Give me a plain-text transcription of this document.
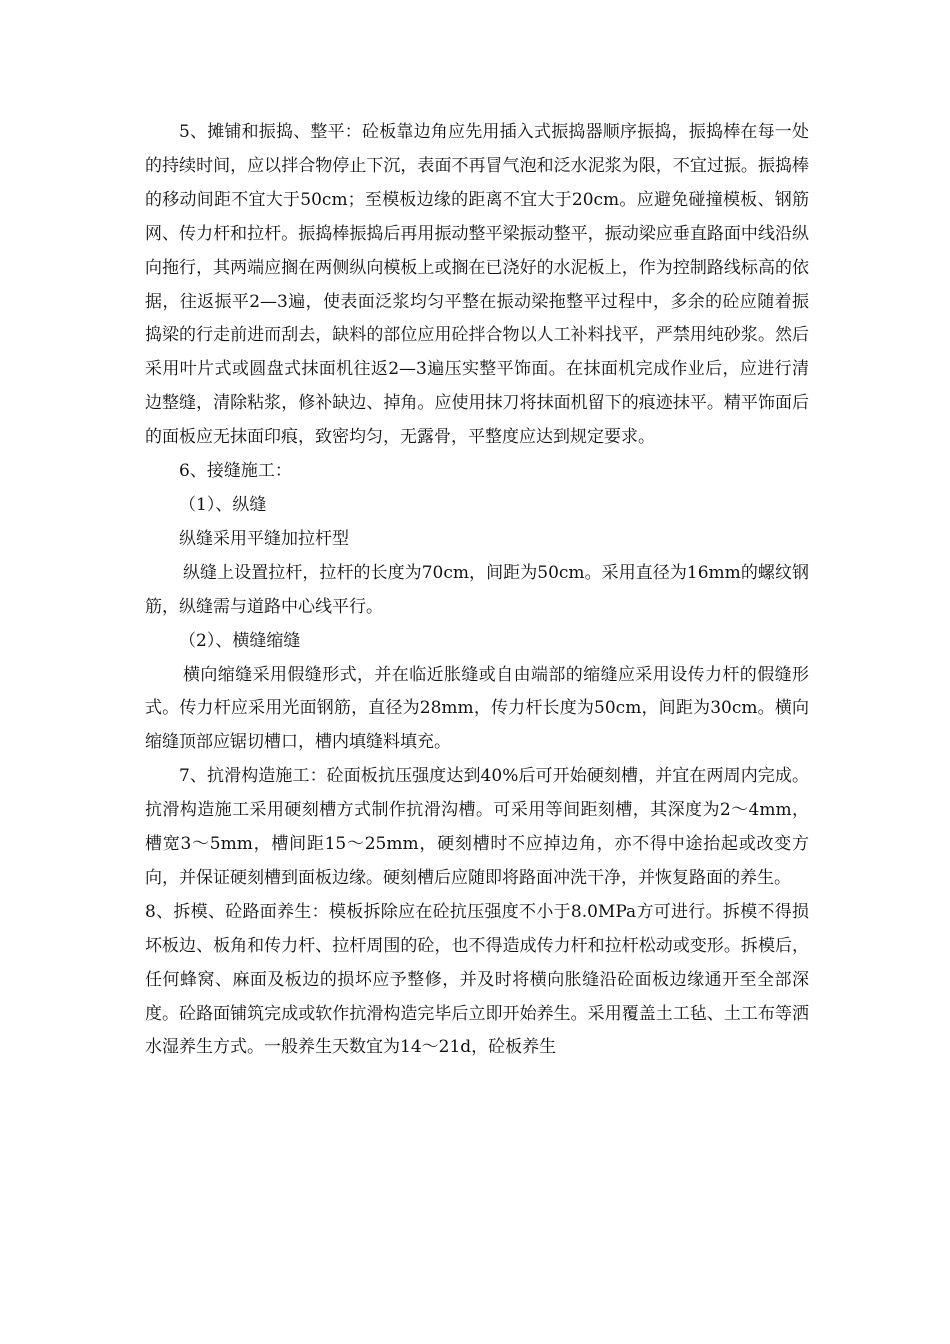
5、摊铺和振捣、整平：砼板靠边角应先用插入式振捣器顺序振捣，振捣棒在每一处的持续时间，应以拌合物停止下沉，表面不再冒气泡和泛水泥浆为限，不宜过振。振捣棒的移动间距不宜大于50cm；至模板边缘的距离不宜大于20cm。应避免碰撞模板、钢筋网、传力杆和拉杆。振捣棒振捣后再用振动整平梁振动整平，振动梁应垂直路面中线沿纵向拖行，其两端应搁在两侧纵向模板上或搁在已浇好的水泥板上，作为控制路线标高的依据，往返振平2—3遍，使表面泛浆均匀平整在振动梁拖整平过程中，多余的砼应随着振捣梁的行走前进而刮去，缺料的部位应用砼拌合物以人工补料找平，严禁用纯砂浆。然后采用叶片式或圆盘式抹面机往返2—3遍压实整平饰面。在抹面机完成作业后，应进行清边整缝，清除粘浆，修补缺边、掉角。应使用抹刀将抹面机留下的痕迹抹平。精平饰面后的面板应无抹面印痕，致密均匀，无露骨，平整度应达到规定要求。

6、接缝施工：

（1）、纵缝

纵缝采用平缝加拉杆型

纵缝上设置拉杆，拉杆的长度为70cm，间距为50cm。采用直径为16mm的螺纹钢筋，纵缝需与道路中心线平行。

（2）、横缝缩缝

横向缩缝采用假缝形式，并在临近胀缝或自由端部的缩缝应采用设传力杆的假缝形式。传力杆应采用光面钢筋，直径为28mm，传力杆长度为50cm，间距为30cm。横向缩缝顶部应锯切槽口，槽内填缝料填充。

7、抗滑构造施工：砼面板抗压强度达到40%后可开始硬刻槽，并宜在两周内完成。抗滑构造施工采用硬刻槽方式制作抗滑沟槽。可采用等间距刻槽，其深度为2～4mm，槽宽3～5mm，槽间距15～25mm，硬刻槽时不应掉边角，亦不得中途抬起或改变方向，并保证硬刻槽到面板边缘。硬刻槽后应随即将路面冲洗干净，并恢复路面的养生。

8、拆模、砼路面养生：模板拆除应在砼抗压强度不小于8.0MPa方可进行。拆模不得损坏板边、板角和传力杆、拉杆周围的砼，也不得造成传力杆和拉杆松动或变形。拆模后，任何蜂窝、麻面及板边的损坏应予整修，并及时将横向胀缝沿砼面板边缘通开至全部深度。砼路面铺筑完成或软作抗滑构造完毕后立即开始养生。采用覆盖土工毡、土工布等洒水湿养生方式。一般养生天数宜为14～21d，砼板养生
